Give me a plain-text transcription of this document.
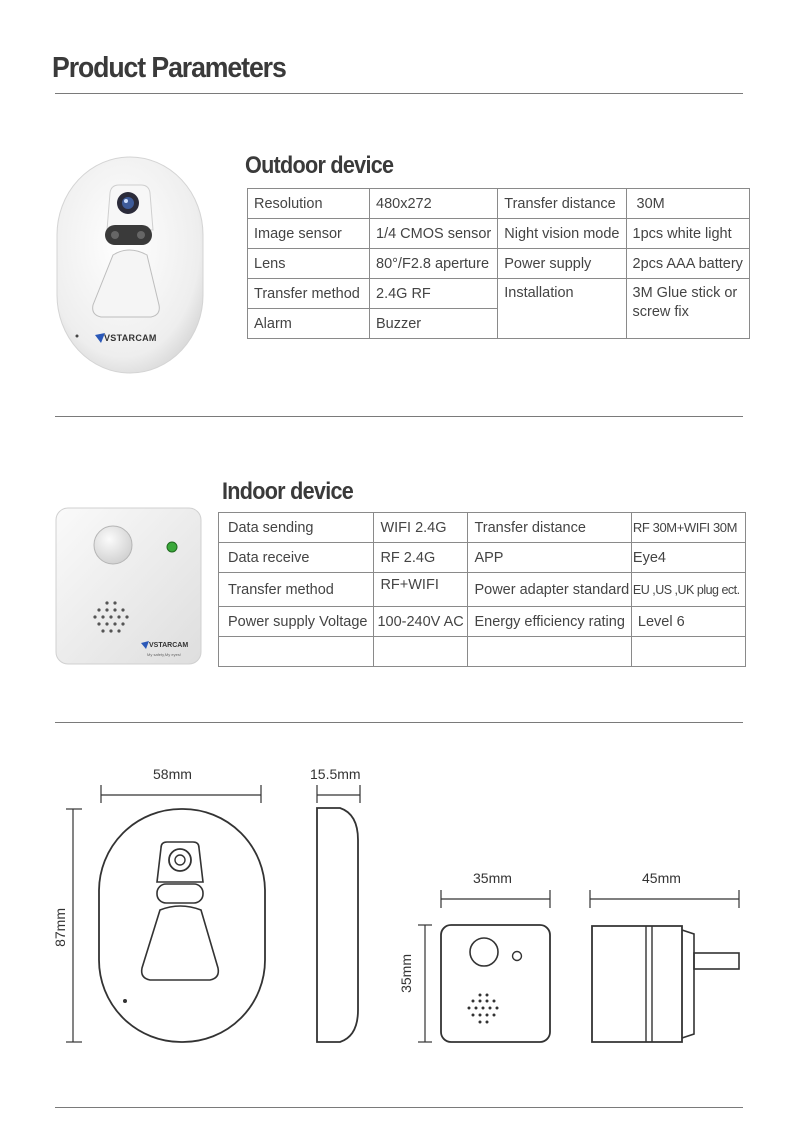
Product Parameters
VSTARCAM
Outdoor device
Resolution	480x272	Transfer distance	30M
Image sensor	1/4 CMOS sensor	Night vision mode	1pcs white light
Lens	80°/F2.8 aperture	Power supply	2pcs AAA battery
Transfer method	2.4G RF	Installation	3M Glue stick or screw fix
Alarm	Buzzer		
VSTARCAM
My safety,My eyes!
Indoor device
Data sending	WIFI 2.4G	Transfer distance	RF 30M+WIFI 30M
Data receive	RF 2.4G	APP	Eye4
Transfer method	RF+WIFI	Power adapter standard	EU ,US ,UK plug ect.
Power supply Voltage	100-240V AC	Energy efficiency rating	Level 6

58mm	15.5mm
87mm
35mm
35mm
45mm
